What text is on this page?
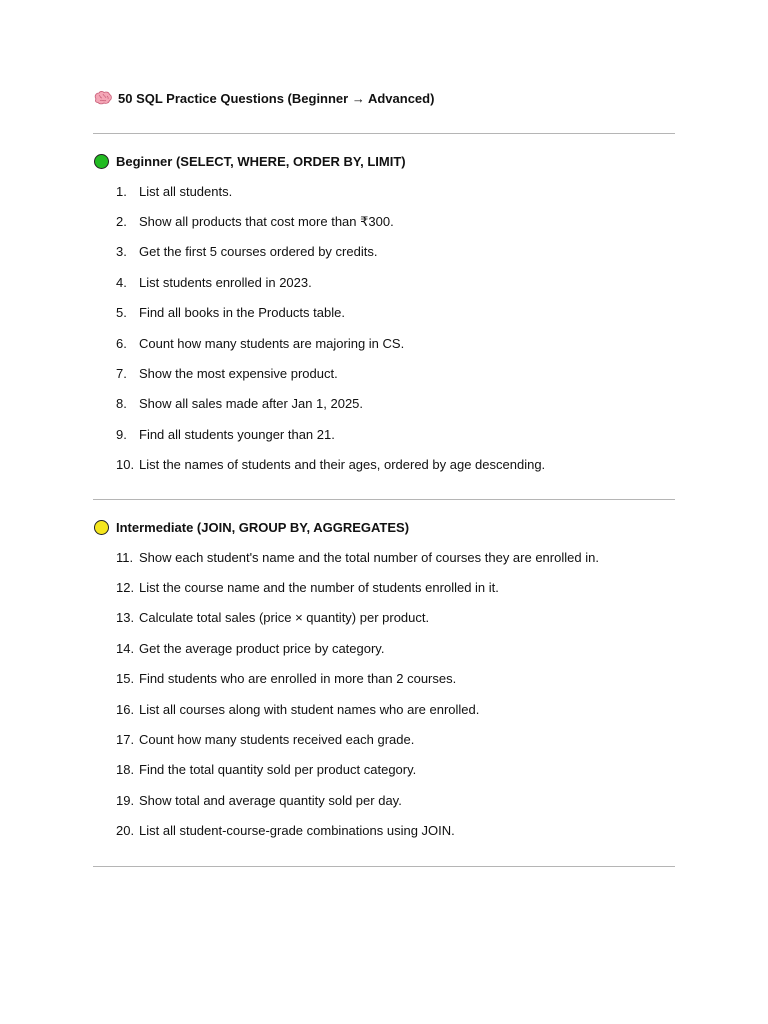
50 SQL Practice Questions (Beginner → Advanced)
Beginner (SELECT, WHERE, ORDER BY, LIMIT)
1. List all students.
2. Show all products that cost more than ₹300.
3. Get the first 5 courses ordered by credits.
4. List students enrolled in 2023.
5. Find all books in the Products table.
6. Count how many students are majoring in CS.
7. Show the most expensive product.
8. Show all sales made after Jan 1, 2025.
9. Find all students younger than 21.
10. List the names of students and their ages, ordered by age descending.
Intermediate (JOIN, GROUP BY, AGGREGATES)
11. Show each student's name and the total number of courses they are enrolled in.
12. List the course name and the number of students enrolled in it.
13. Calculate total sales (price × quantity) per product.
14. Get the average product price by category.
15. Find students who are enrolled in more than 2 courses.
16. List all courses along with student names who are enrolled.
17. Count how many students received each grade.
18. Find the total quantity sold per product category.
19. Show total and average quantity sold per day.
20. List all student-course-grade combinations using JOIN.
